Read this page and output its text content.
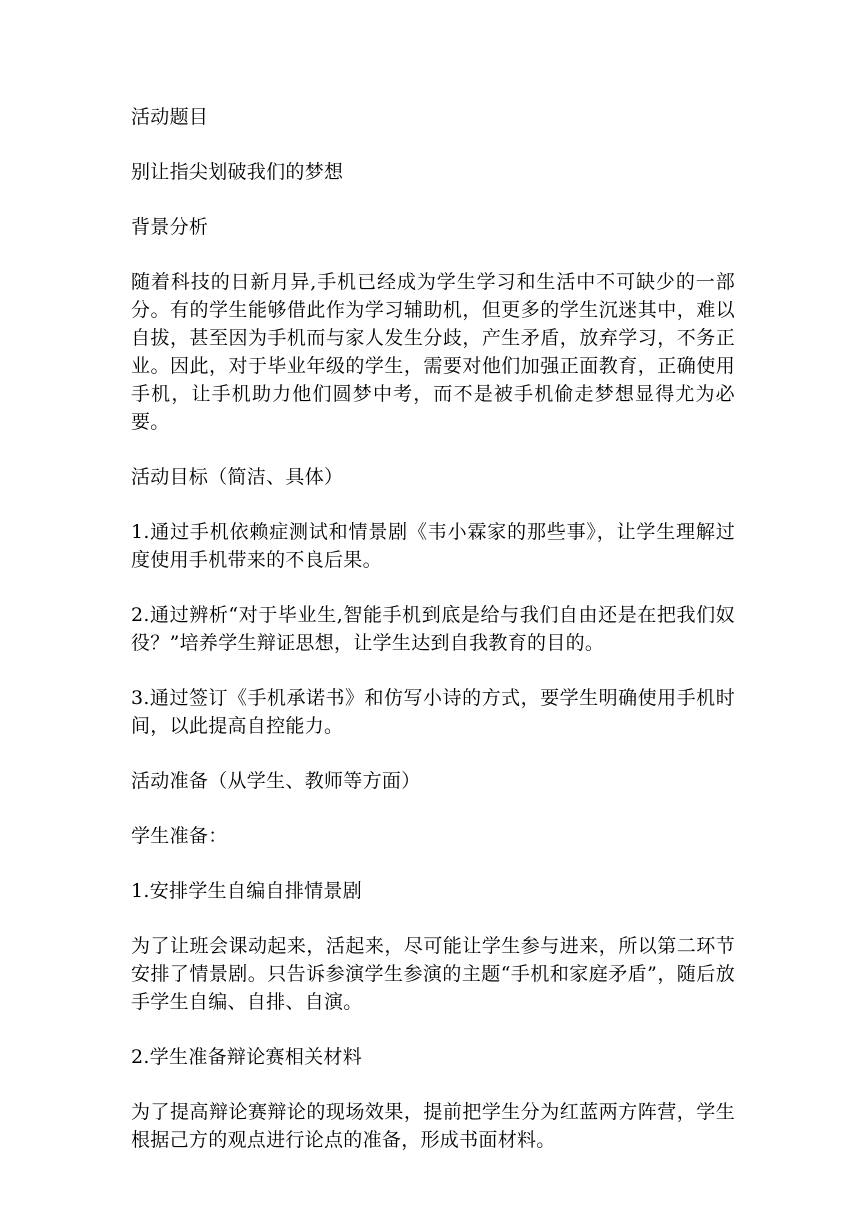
活动题目

别让指尖划破我们的梦想

背景分析

随着科技的日新月异,手机已经成为学生学习和生活中不可缺少的一部分。有的学生能够借此作为学习辅助机，但更多的学生沉迷其中，难以自拔，甚至因为手机而与家人发生分歧，产生矛盾，放弃学习，不务正业。因此，对于毕业年级的学生，需要对他们加强正面教育，正确使用手机，让手机助力他们圆梦中考，而不是被手机偷走梦想显得尤为必要。

活动目标（简洁、具体）

1.通过手机依赖症测试和情景剧《韦小霖家的那些事》，让学生理解过度使用手机带来的不良后果。

2.通过辨析“对于毕业生,智能手机到底是给与我们自由还是在把我们奴役？”培养学生辩证思想，让学生达到自我教育的目的。

3.通过签订《手机承诺书》和仿写小诗的方式，要学生明确使用手机时间，以此提高自控能力。

活动准备（从学生、教师等方面）

学生准备：

1.安排学生自编自排情景剧

为了让班会课动起来，活起来，尽可能让学生参与进来，所以第二环节安排了情景剧。只告诉参演学生参演的主题“手机和家庭矛盾”，随后放手学生自编、自排、自演。

2.学生准备辩论赛相关材料

为了提高辩论赛辩论的现场效果，提前把学生分为红蓝两方阵营，学生根据己方的观点进行论点的准备，形成书面材料。
